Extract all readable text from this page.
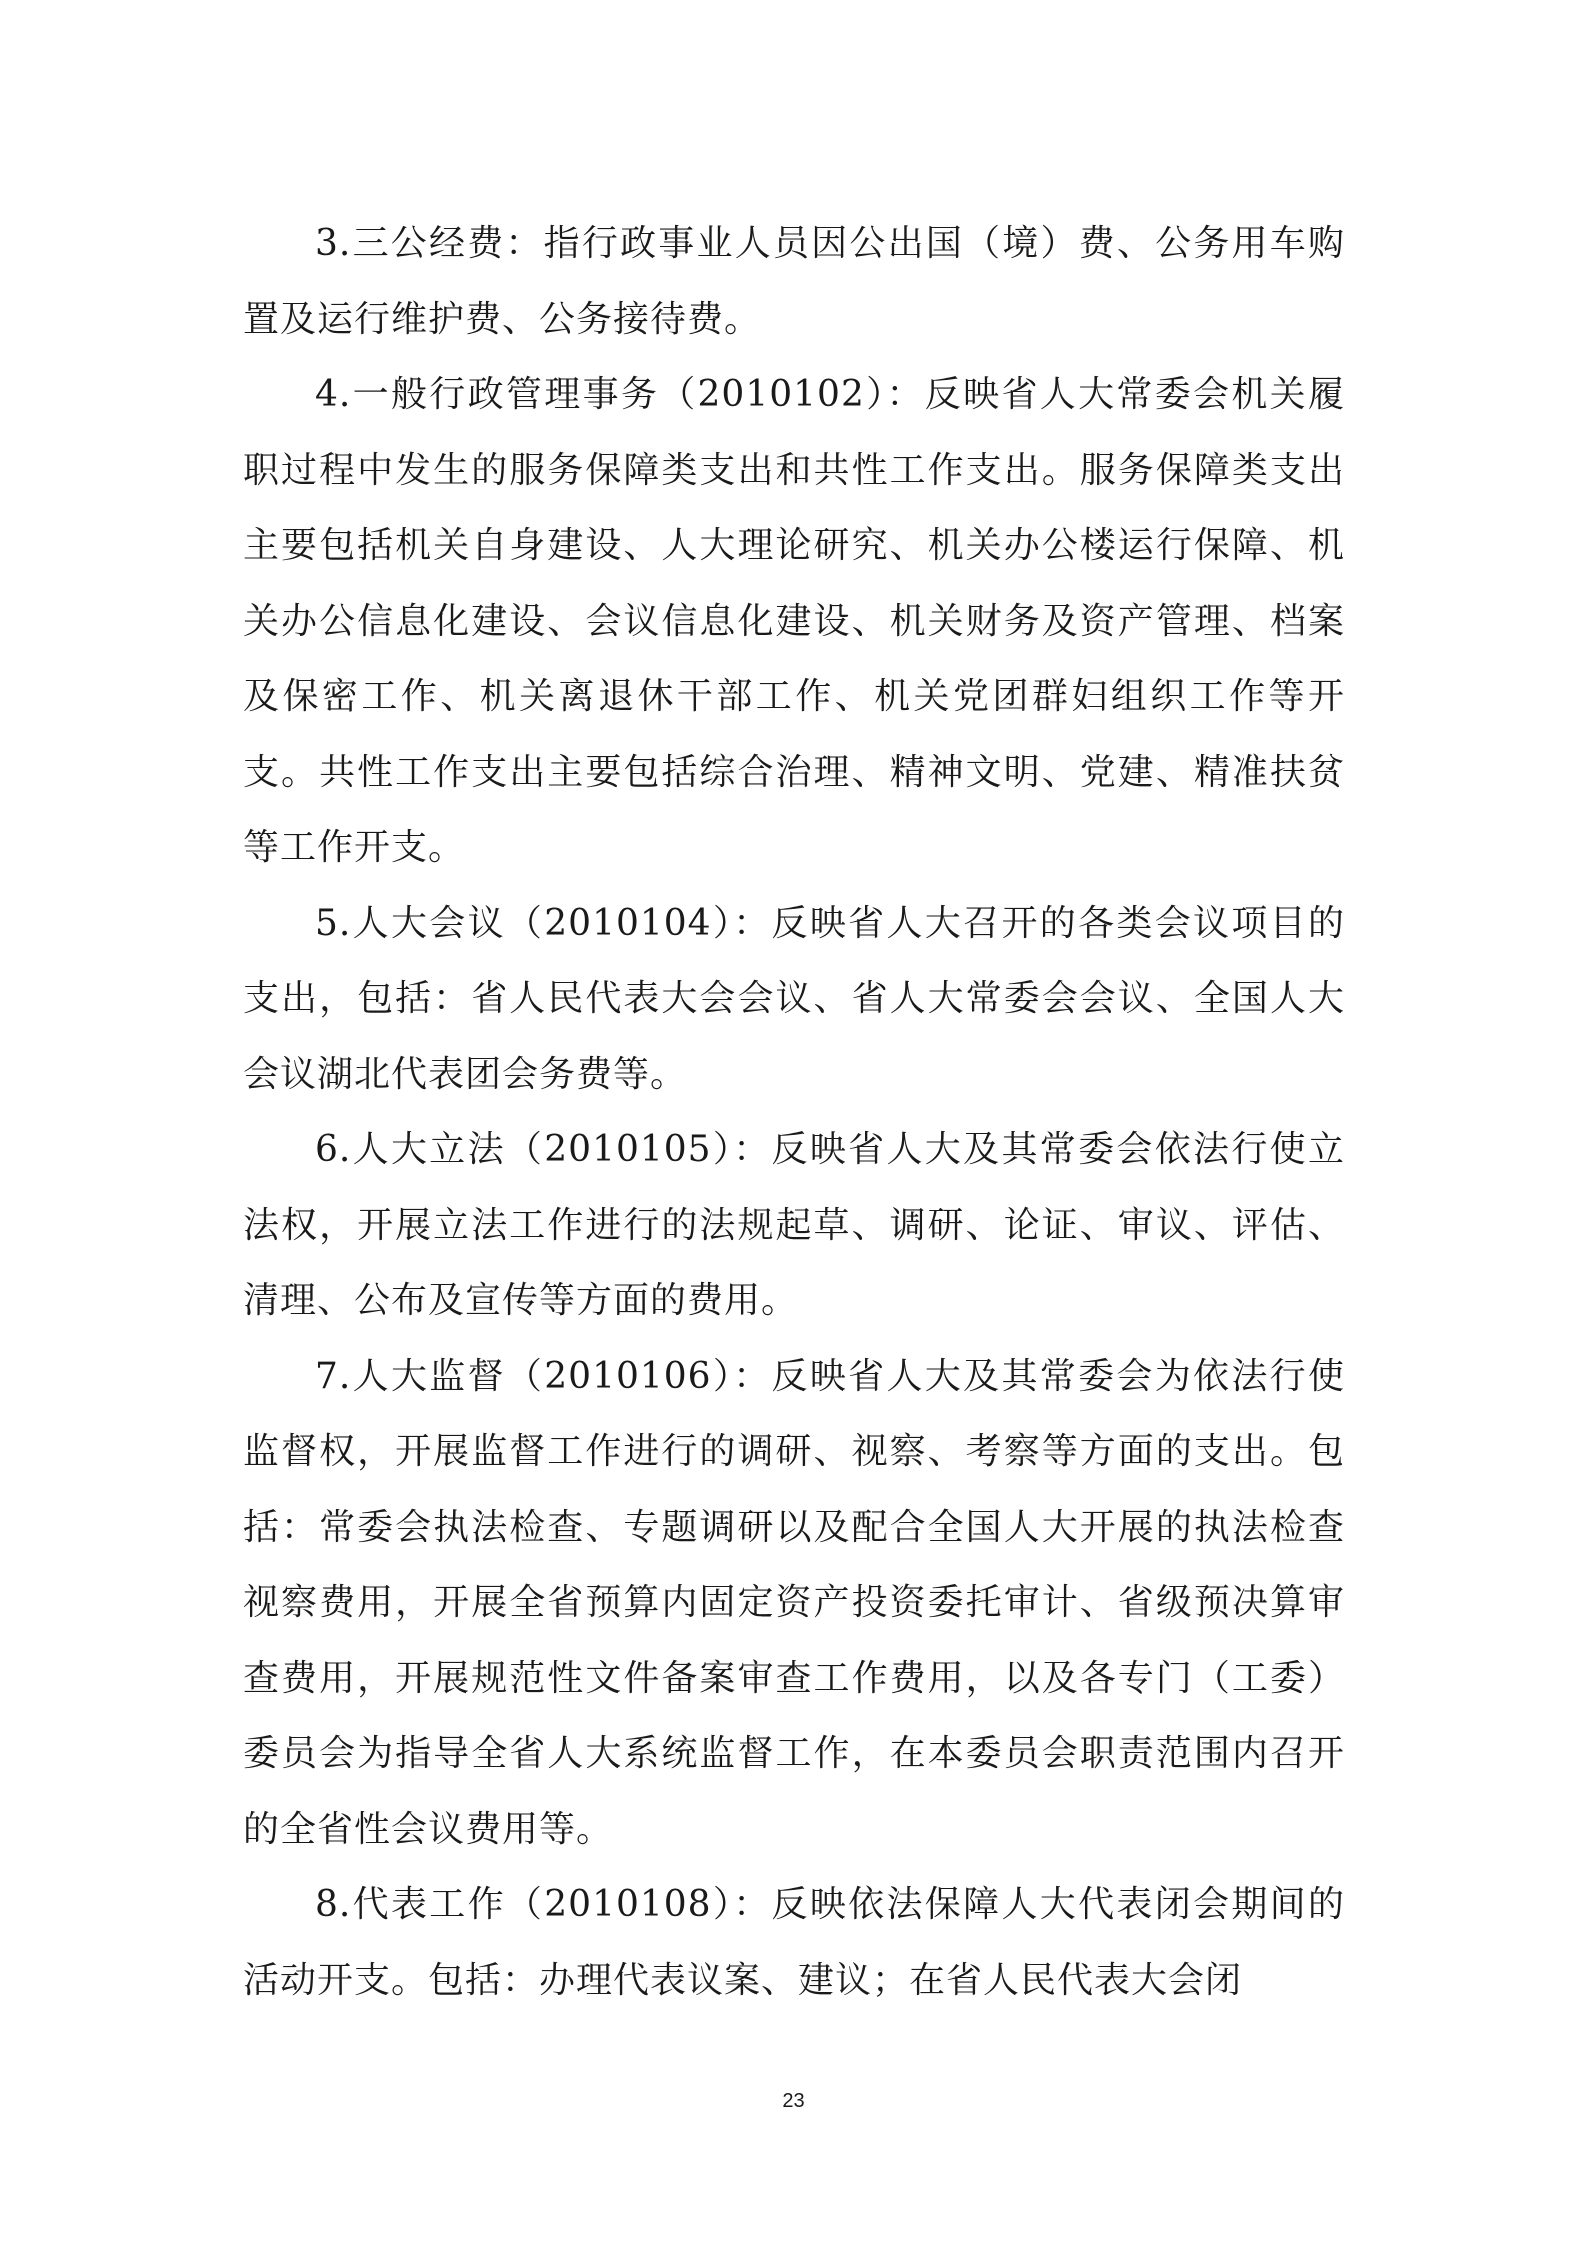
3.三公经费：指行政事业人员因公出国（境）费、公务用车购置及运行维护费、公务接待费。

4.一般行政管理事务（2010102）：反映省人大常委会机关履职过程中发生的服务保障类支出和共性工作支出。服务保障类支出主要包括机关自身建设、人大理论研究、机关办公楼运行保障、机关办公信息化建设、会议信息化建设、机关财务及资产管理、档案及保密工作、机关离退休干部工作、机关党团群妇组织工作等开支。共性工作支出主要包括综合治理、精神文明、党建、精准扶贫等工作开支。

5.人大会议（2010104）：反映省人大召开的各类会议项目的支出，包括：省人民代表大会会议、省人大常委会会议、全国人大会议湖北代表团会务费等。

6.人大立法（2010105）：反映省人大及其常委会依法行使立法权，开展立法工作进行的法规起草、调研、论证、审议、评估、清理、公布及宣传等方面的费用。

7.人大监督（2010106）：反映省人大及其常委会为依法行使监督权，开展监督工作进行的调研、视察、考察等方面的支出。包括：常委会执法检查、专题调研以及配合全国人大开展的执法检查视察费用，开展全省预算内固定资产投资委托审计、省级预决算审查费用，开展规范性文件备案审查工作费用，以及各专门（工委）委员会为指导全省人大系统监督工作，在本委员会职责范围内召开的全省性会议费用等。

8.代表工作（2010108）：反映依法保障人大代表闭会期间的活动开支。包括：办理代表议案、建议；在省人民代表大会闭

23
